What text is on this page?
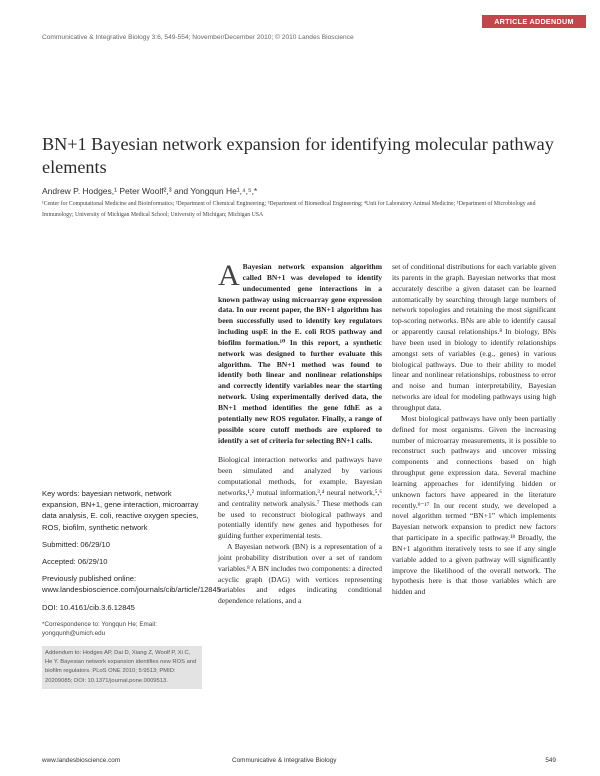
ARTICLE ADDENDUM
Communicative & Integrative Biology 3:6, 549-554; November/December 2010; © 2010 Landes Bioscience
BN+1 Bayesian network expansion for identifying molecular pathway elements
Andrew P. Hodges,¹ Peter Woolf²,³ and Yongqun He¹,⁴,⁵,*
¹Center for Computational Medicine and Bioinformatics; ²Department of Chemical Engineering; ³Department of Biomedical Engineering; ⁴Unit for Laboratory Animal Medicine; ⁵Department of Microbiology and Immunology; University of Michigan Medical School; University of Michigan; Michigan USA

Key words: bayesian network, network expansion, BN+1, gene interaction, microarray data analysis, E. coli, reactive oxygen species, ROS, biofilm, synthetic network

Submitted: 06/29/10

Accepted: 06/29/10

Previously published online: www.landesbioscience.com/journals/cib/article/12845

DOI: 10.4161/cib.3.6.12845

*Correspondence to: Yongqun He; Email: yongqunh@umich.edu
Addendum to: Hodges AP, Dai D, Xiang Z, Woolf P, Xi C, He Y. Bayesian network expansion identifies new ROS and biofilm regulators. PLoS ONE 2010; 5:9513; PMID: 20209085; DOI: 10.1371/journal.pone.0009513.

A Bayesian network expansion algorithm called BN+1 was developed to identify undocumented gene interactions in a known pathway using microarray gene expression data. In our recent paper, the BN+1 algorithm has been successfully used to identify key regulators including uspE in the E. coli ROS pathway and biofilm formation.¹⁰ In this report, a synthetic network was designed to further evaluate this algorithm. The BN+1 method was found to identify both linear and nonlinear relationships and correctly identify variables near the starting network. Using experimentally derived data, the BN+1 method identifies the gene fdhE as a potentially new ROS regulator. Finally, a range of possible score cutoff methods are explored to identify a set of criteria for selecting BN+1 calls.

Biological interaction networks and pathways have been simulated and analyzed by various computational methods, for example, Bayesian networks,¹,² mutual information,³,⁴ neural network,⁵,⁶ and centrality network analysis.⁷ These methods can be used to reconstruct biological pathways and potentially identify new genes and hypotheses for guiding further experimental tests.

A Bayesian network (BN) is a representation of a joint probability distribution over a set of random variables.⁸ A BN includes two components: a directed acyclic graph (DAG) with vertices representing variables and edges indicating conditional dependence relations, and a

set of conditional distributions for each variable given its parents in the graph. Bayesian networks that most accurately describe a given dataset can be learned automatically by searching through large numbers of network topologies and retaining the most significant top-scoring networks. BNs are able to identify causal or apparently causal relationships.⁸ In biology, BNs have been used in biology to identify relationships amongst sets of variables (e.g., genes) in various biological pathways. Due to their ability to model linear and nonlinear relationships, robustness to error and noise and human interpretability, Bayesian networks are ideal for modeling pathways using high throughput data.

Most biological pathways have only been partially defined for most organisms. Given the increasing number of microarray measurements, it is possible to reconstruct such pathways and uncover missing components and connections based on high throughput gene expression data. Several machine learning approaches for identifying hidden or unknown factors have appeared in the literature recently.⁹⁻¹⁷ In our recent study, we developed a novel algorithm termed “BN+1” which implements Bayesian network expansion to predict new factors that participate in a specific pathway.¹⁸ Broadly, the BN+1 algorithm iteratively tests to see if any single variable added to a given pathway will significantly improve the likelihood of the overall network. The hypothesis here is that those variables which are hidden and

www.landesbioscience.com	Communicative & Integrative Biology	549
